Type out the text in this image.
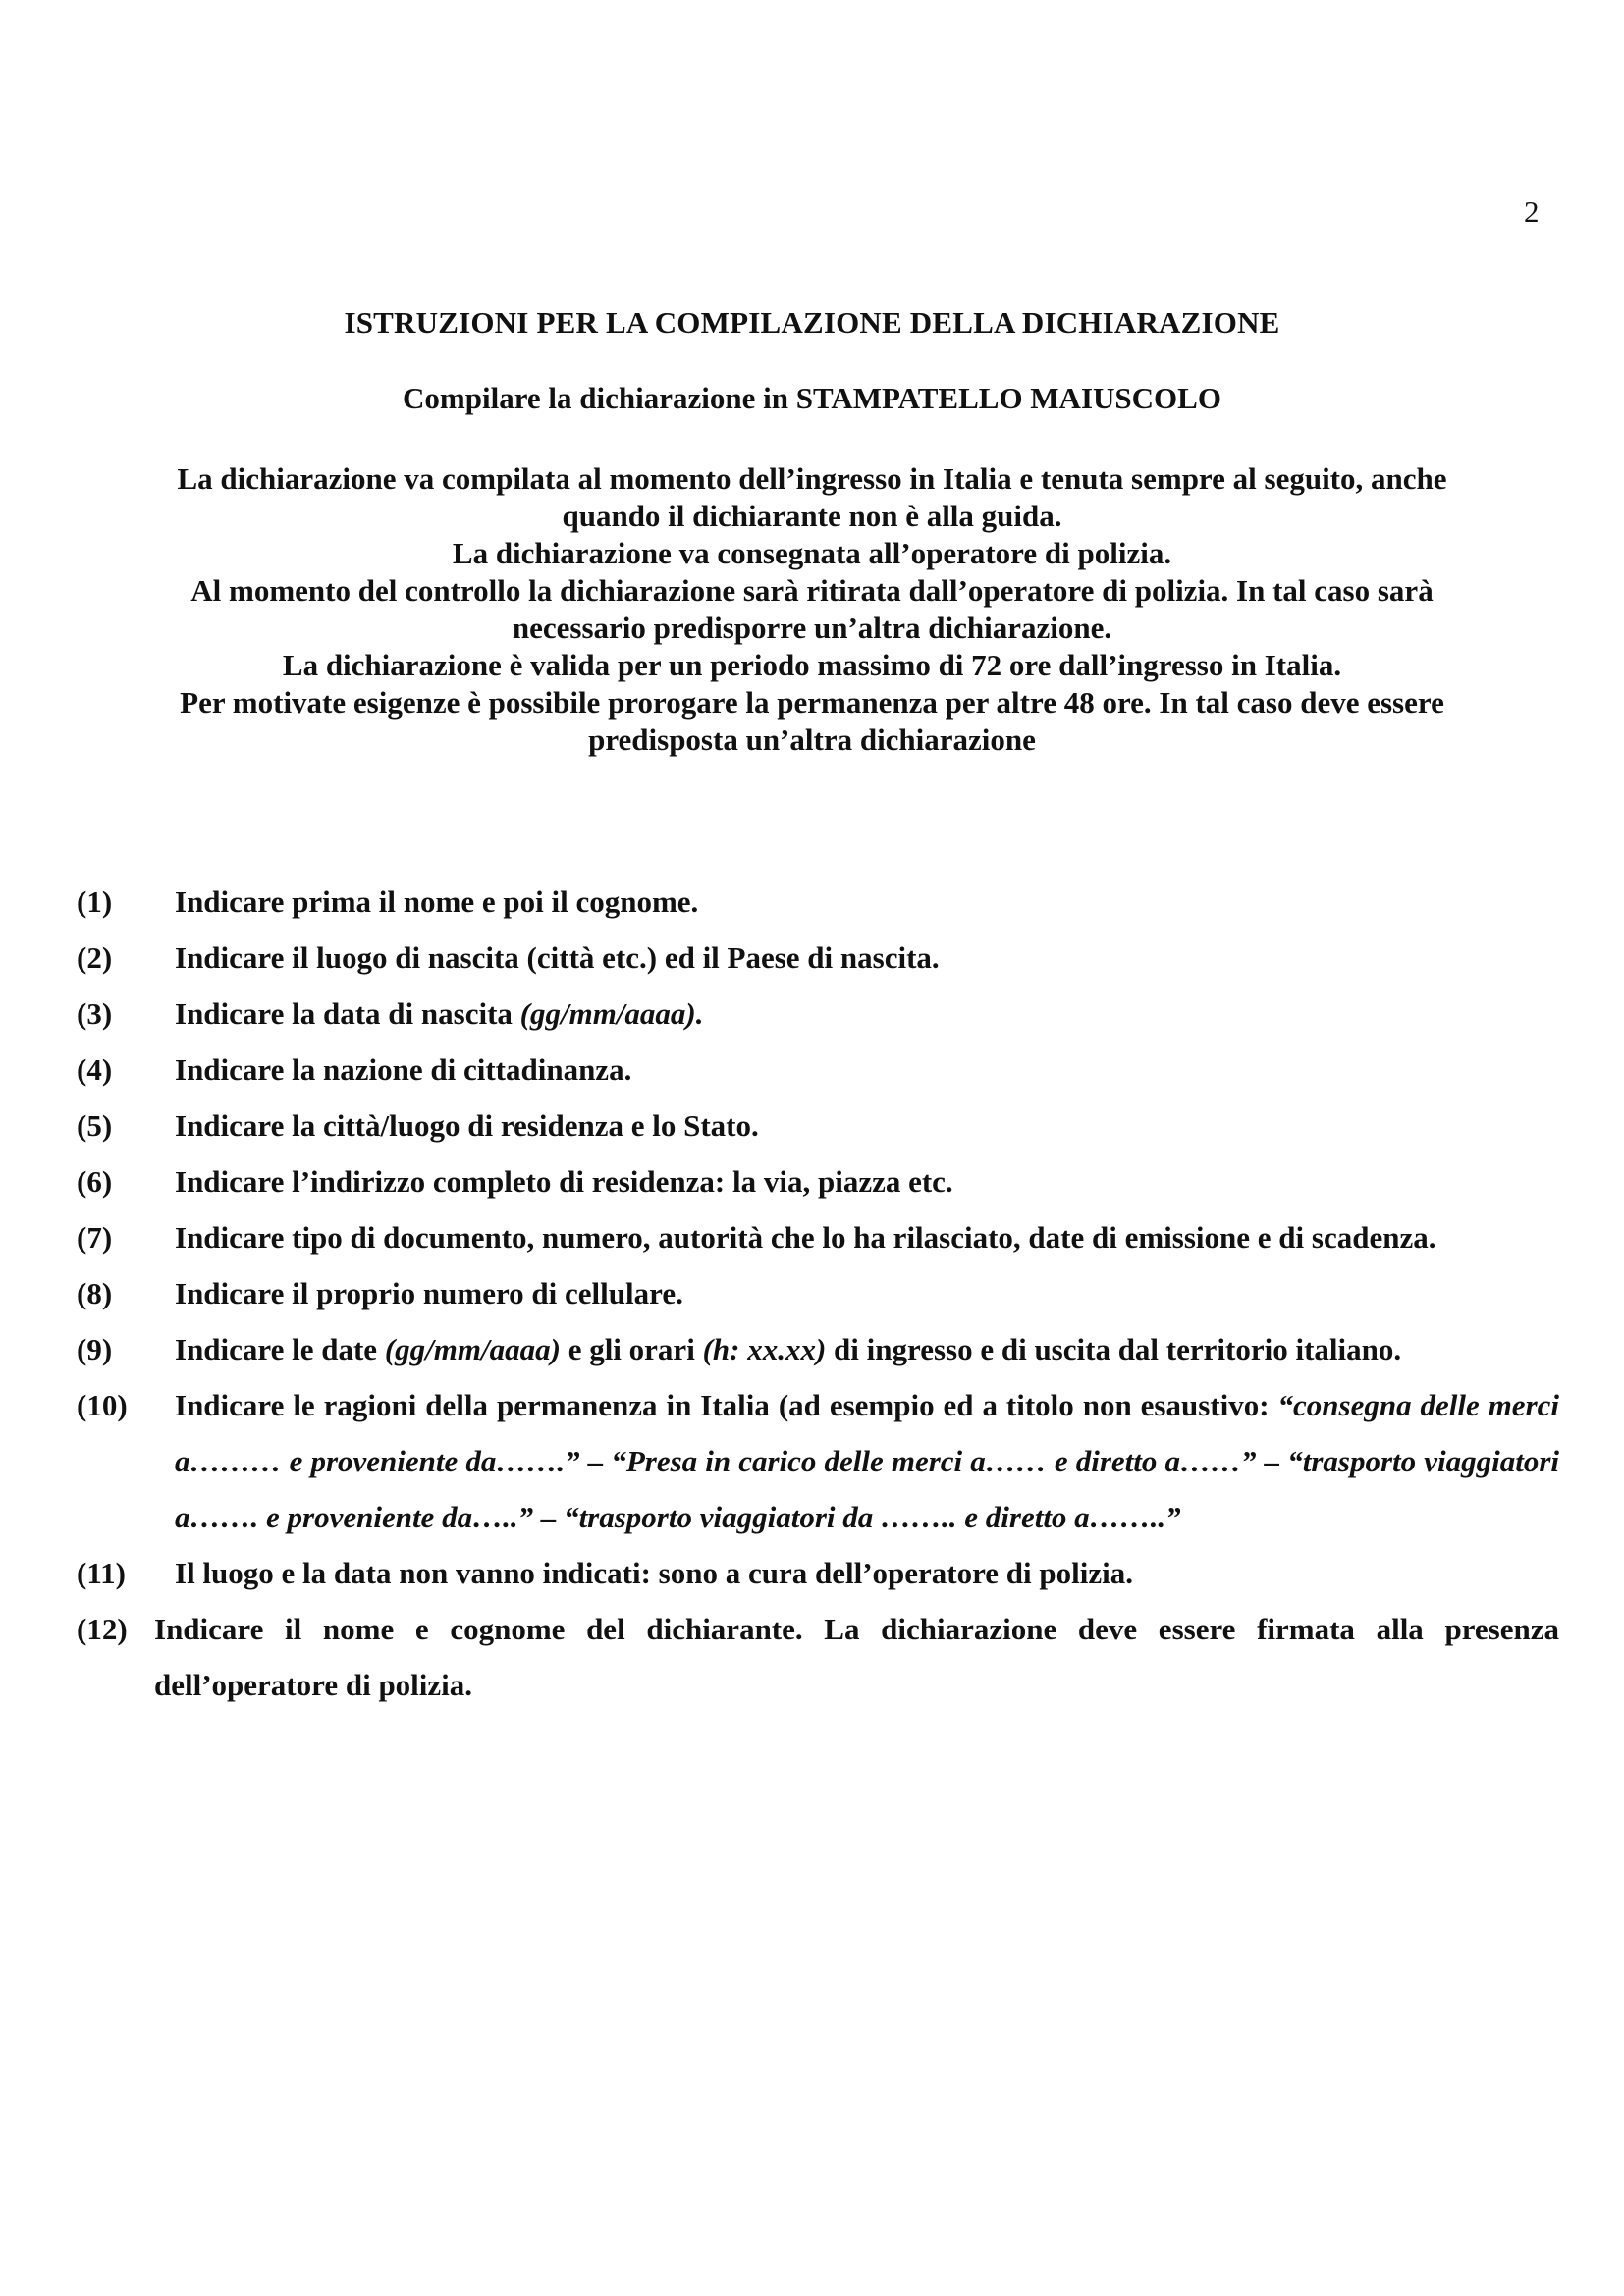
2
ISTRUZIONI PER LA COMPILAZIONE DELLA DICHIARAZIONE
Compilare la dichiarazione in STAMPATELLO MAIUSCOLO
La dichiarazione va compilata al momento dell’ingresso in Italia e tenuta sempre al seguito, anche
quando il dichiarante non è alla guida.
La dichiarazione va consegnata all’operatore di polizia.
Al momento del controllo la dichiarazione sarà ritirata dall’operatore di polizia. In tal caso sarà
necessario predisporre un’altra dichiarazione.
La dichiarazione è valida per un periodo massimo di 72 ore dall’ingresso in Italia.
Per motivate esigenze è possibile prorogare la permanenza per altre 48 ore. In tal caso deve essere
predisposta un’altra dichiarazione
(1)	Indicare prima il nome e poi il cognome.
(2)	Indicare il luogo di nascita (città etc.) ed il Paese di nascita.
(3)	Indicare la data di nascita (gg/mm/aaaa).
(4)	Indicare la nazione di cittadinanza.
(5)	Indicare la città/luogo di residenza e lo Stato.
(6)	Indicare l’indirizzo completo di residenza: la via, piazza etc.
(7)	Indicare tipo di documento, numero, autorità che lo ha rilasciato, date di emissione e di scadenza.
(8)	Indicare il proprio numero di cellulare.
(9)	Indicare le date (gg/mm/aaaa) e gli orari (h: xx.xx) di ingresso e di uscita dal territorio italiano.
(10)	Indicare le ragioni della permanenza in Italia (ad esempio ed a titolo non esaustivo: “consegna delle merci a……… e proveniente da…….” – “Presa in carico delle merci a…… e diretto a……” – “trasporto viaggiatori a……. e proveniente da…..” – “trasporto viaggiatori da …….. e diretto a……..”
(11)	Il luogo e la data non vanno indicati: sono a cura dell’operatore di polizia.
(12) Indicare il nome e cognome del dichiarante. La dichiarazione deve essere firmata alla presenza dell’operatore di polizia.
